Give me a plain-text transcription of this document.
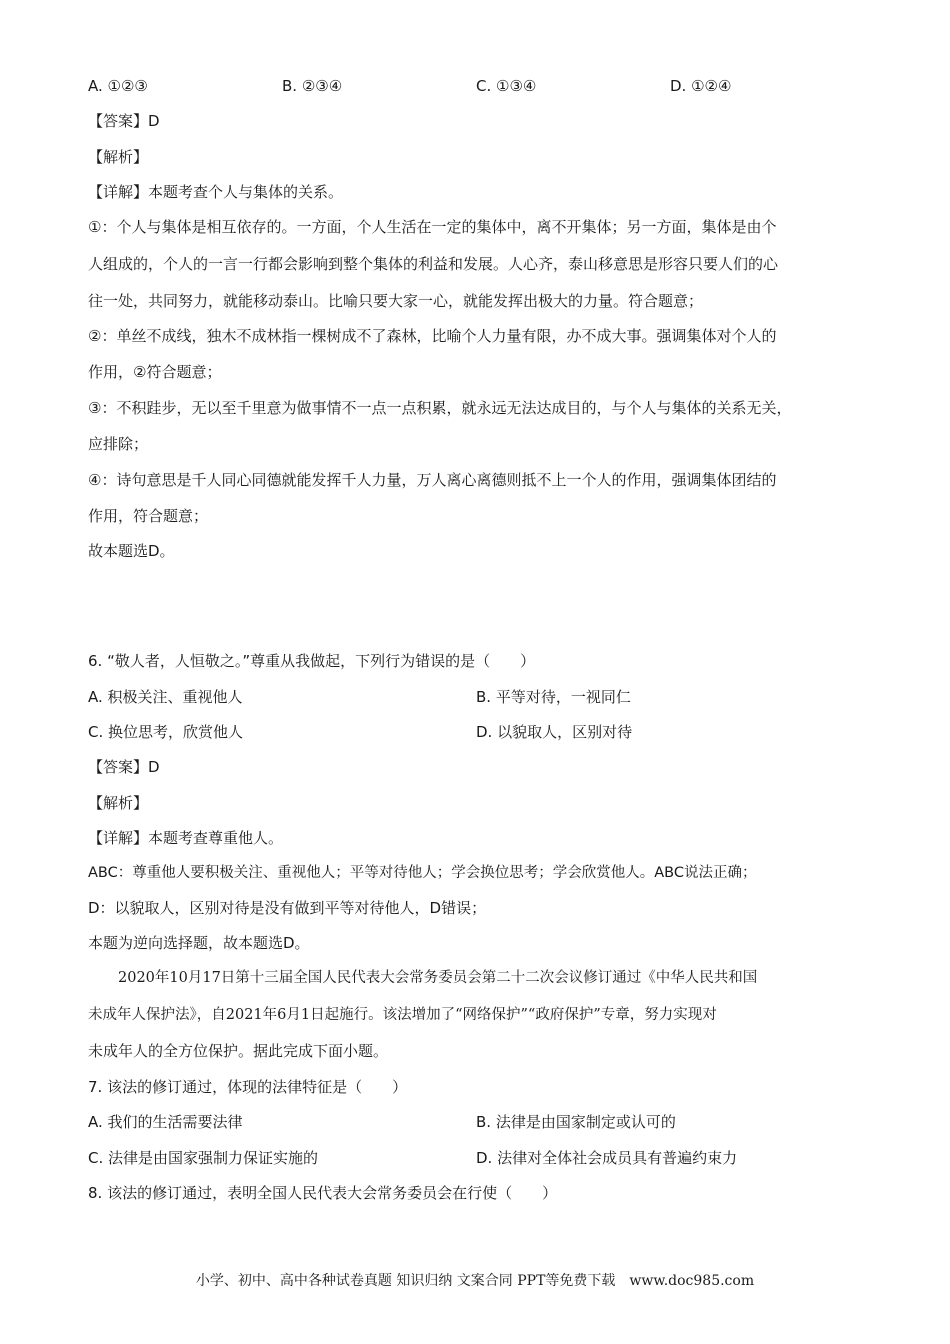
A. ①②③	B. ②③④	C. ①③④	D. ①②④
【答案】D
【解析】
【详解】本题考查个人与集体的关系。
①：个人与集体是相互依存的。一方面，个人生活在一定的集体中，离不开集体；另一方面，集体是由个
人组成的，个人的一言一行都会影响到整个集体的利益和发展。人心齐，泰山移意思是形容只要人们的心
往一处，共同努力，就能移动泰山。比喻只要大家一心，就能发挥出极大的力量。符合题意；
②：单丝不成线，独木不成林指一棵树成不了森林，比喻个人力量有限，办不成大事。强调集体对个人的
作用，②符合题意；
③：不积跬步，无以至千里意为做事情不一点一点积累，就永远无法达成目的，与个人与集体的关系无关，
应排除；
④：诗句意思是千人同心同德就能发挥千人力量，万人离心离德则抵不上一个人的作用，强调集体团结的
作用，符合题意；
故本题选D。
6. “敬人者，人恒敬之。”尊重从我做起，下列行为错误的是（　　）
A. 积极关注、重视他人	B. 平等对待，一视同仁
C. 换位思考，欣赏他人	D. 以貌取人，区别对待
【答案】D
【解析】
【详解】本题考查尊重他人。
ABC：尊重他人要积极关注、重视他人；平等对待他人；学会换位思考；学会欣赏他人。ABC说法正确；
D：以貌取人，区别对待是没有做到平等对待他人，D错误；
本题为逆向选择题，故本题选D。
2020年10月17日第十三届全国人民代表大会常务委员会第二十二次会议修订通过《中华人民共和国
未成年人保护法》，自2021年6月1日起施行。该法增加了“网络保护”“政府保护”专章，努力实现对
未成年人的全方位保护。据此完成下面小题。
7. 该法的修订通过，体现的法律特征是（　　）
A. 我们的生活需要法律	B. 法律是由国家制定或认可的
C. 法律是由国家强制力保证实施的	D. 法律对全体社会成员具有普遍约束力
8. 该法的修订通过，表明全国人民代表大会常务委员会在行使（　　）
小学、初中、高中各种试卷真题 知识归纳 文案合同 PPT等免费下载　www.doc985.com
